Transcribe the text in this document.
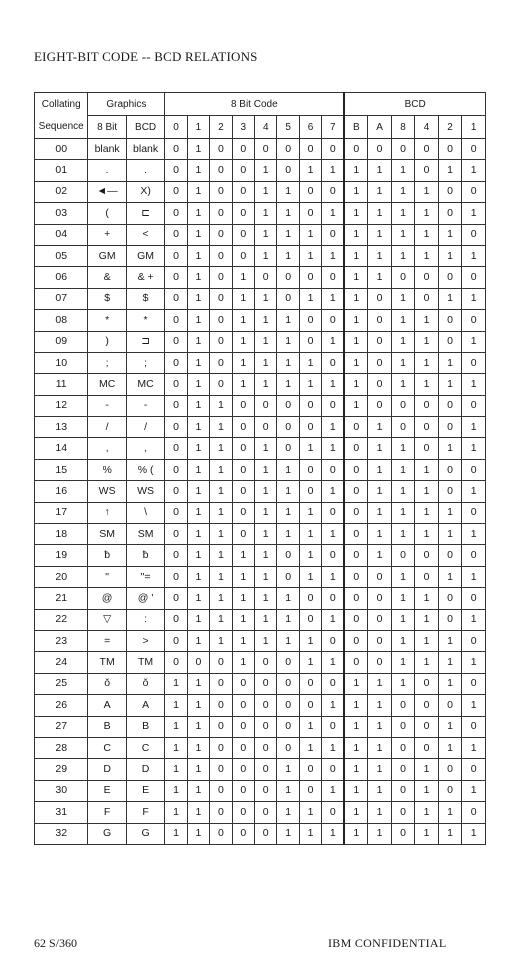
EIGHT-BIT CODE -- BCD RELATIONS
Collating	Graphics		8 Bit Code								BCD					
Sequence	8 Bit	BCD	0	1	2	3	4	5	6	7	B	A	8	4	2	1
00	blank	blank	0	1	0	0	0	0	0	0	0	0	0	0	0	0
01	.	.	0	1	0	0	1	0	1	1	1	1	1	0	1	1
02	◄—	X)	0	1	0	0	1	1	0	0	1	1	1	1	0	0
03	(	⊏	0	1	0	0	1	1	0	1	1	1	1	1	0	1
04	+	<	0	1	0	0	1	1	1	0	1	1	1	1	1	0
05	GM	GM	0	1	0	0	1	1	1	1	1	1	1	1	1	1
06	&	& +	0	1	0	1	0	0	0	0	1	1	0	0	0	0
07	$	$	0	1	0	1	1	0	1	1	1	0	1	0	1	1
08	*	*	0	1	0	1	1	1	0	0	1	0	1	1	0	0
09	)	⊐	0	1	0	1	1	1	0	1	1	0	1	1	0	1
10	;	;	0	1	0	1	1	1	1	0	1	0	1	1	1	0
11	MC	MC	0	1	0	1	1	1	1	1	1	0	1	1	1	1
12	-	-	0	1	1	0	0	0	0	0	1	0	0	0	0	0
13	/	/	0	1	1	0	0	0	0	1	0	1	0	0	0	1
14	,	,	0	1	1	0	1	0	1	1	0	1	1	0	1	1
15	%	% (	0	1	1	0	1	1	0	0	0	1	1	1	0	0
16	WS	WS	0	1	1	0	1	1	0	1	0	1	1	1	0	1
17	↑	\	0	1	1	0	1	1	1	0	0	1	1	1	1	0
18	SM	SM	0	1	1	0	1	1	1	1	0	1	1	1	1	1
19	ƀ	ƀ	0	1	1	1	1	0	1	0	0	1	0	0	0	0
20	"	"=	0	1	1	1	1	0	1	1	0	0	1	0	1	1
21	@	@ '	0	1	1	1	1	1	0	0	0	0	1	1	0	0
22	▽	:	0	1	1	1	1	1	0	1	0	0	1	1	0	1
23	=	>	0	1	1	1	1	1	1	0	0	0	1	1	1	0
24	TM	TM	0	0	0	1	0	0	1	1	0	0	1	1	1	1
25	ǒ	ǒ	1	1	0	0	0	0	0	0	1	1	1	0	1	0
26	A	A	1	1	0	0	0	0	0	1	1	1	0	0	0	1
27	B	B	1	1	0	0	0	0	1	0	1	1	0	0	1	0
28	C	C	1	1	0	0	0	0	1	1	1	1	0	0	1	1
29	D	D	1	1	0	0	0	1	0	0	1	1	0	1	0	0
30	E	E	1	1	0	0	0	1	0	1	1	1	0	1	0	1
31	F	F	1	1	0	0	0	1	1	0	1	1	0	1	1	0
32	G	G	1	1	0	0	0	1	1	1	1	1	0	1	1	1
62 S/360	IBM CONFIDENTIAL
